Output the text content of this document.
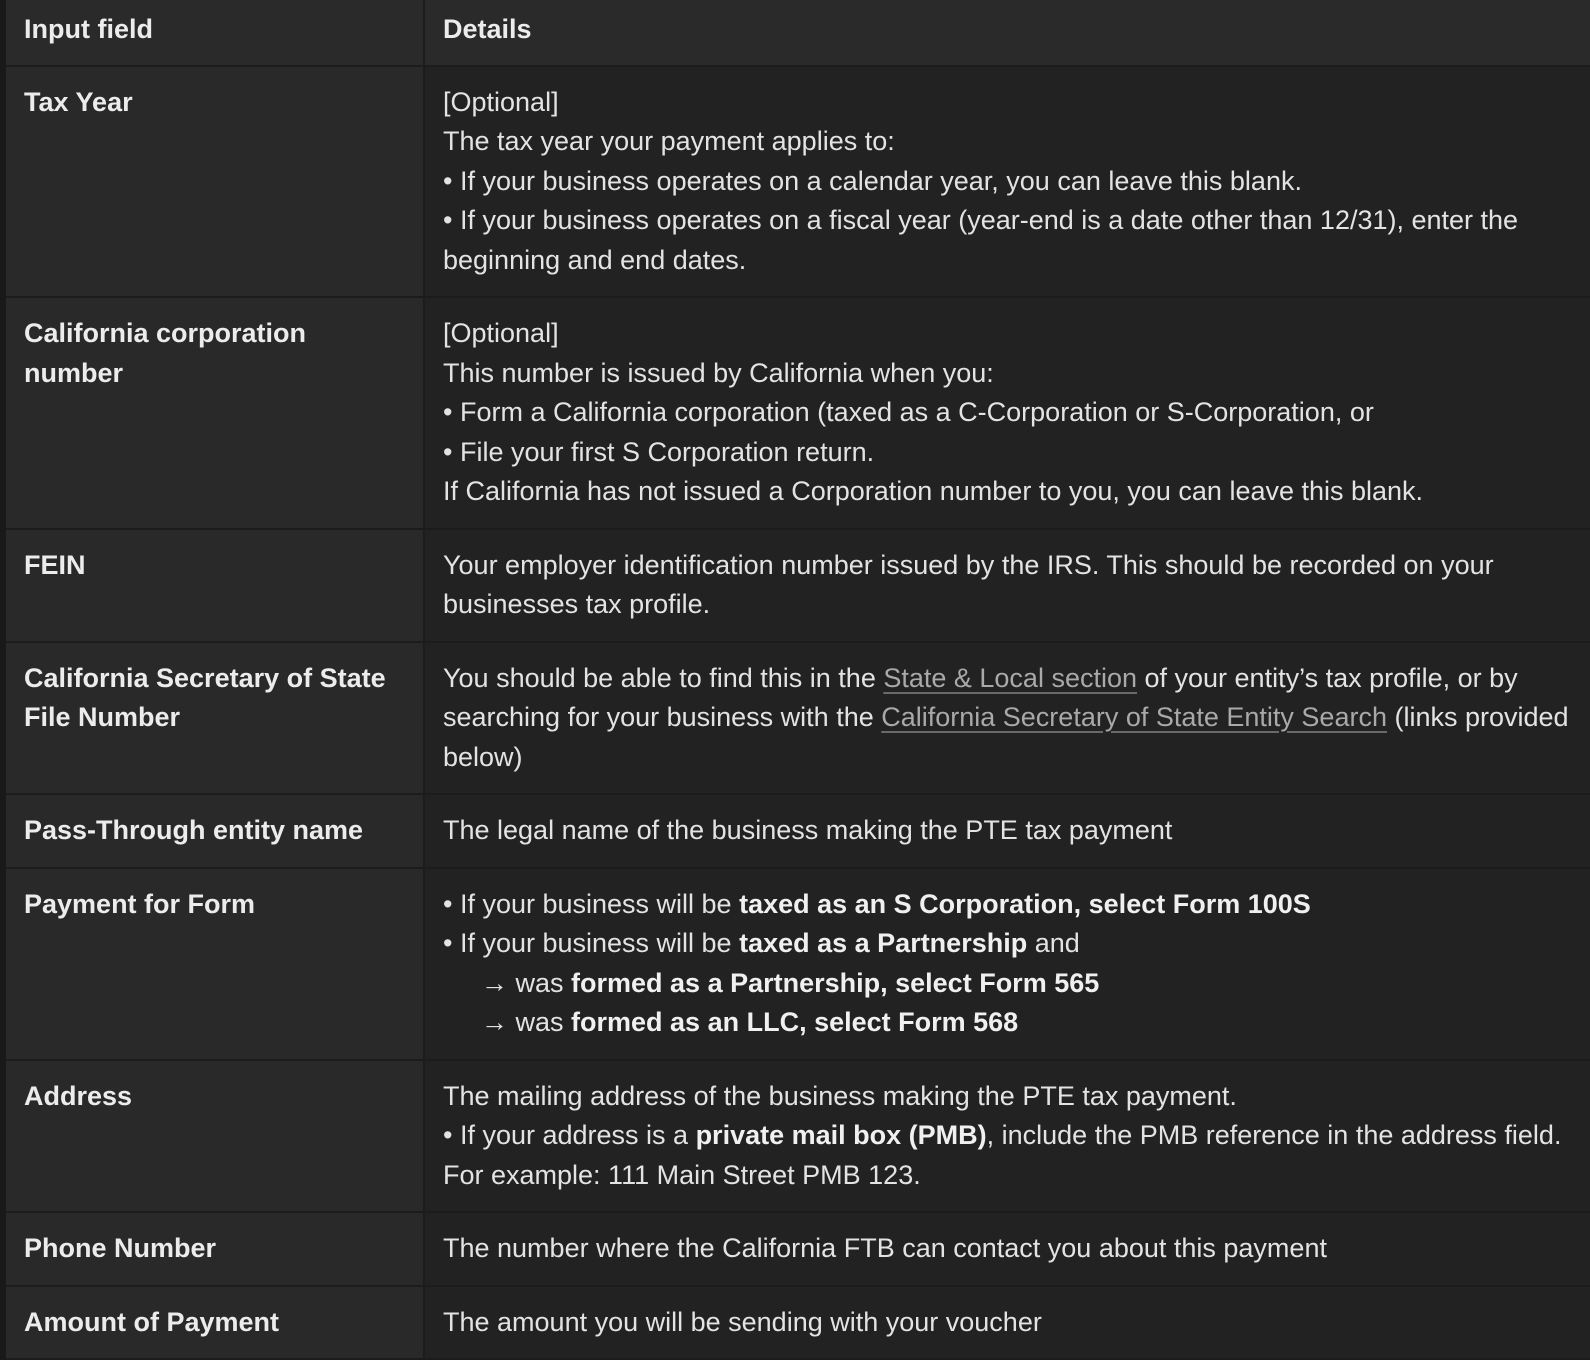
Input field	Details
Tax Year	[Optional]
The tax year your payment applies to:
• If your business operates on a calendar year, you can leave this blank.
• If your business operates on a fiscal year (year-end is a date other than 12/31), enter the beginning and end dates.

California corporation number	[Optional]
This number is issued by California when you:
• Form a California corporation (taxed as a C-Corporation or S-Corporation, or
• File your first S Corporation return.
If California has not issued a Corporation number to you, you can leave this blank.

FEIN	Your employer identification number issued by the IRS. This should be recorded on your businesses tax profile.
California Secretary of State File Number	You should be able to find this in the State & Local section of your entity’s tax profile, or by searching for your business with the California Secretary of State Entity Search (links provided below)
Pass-Through entity name	The legal name of the business making the PTE tax payment
Payment for Form	• If your business will be taxed as an S Corporation, select Form 100S
• If your business will be taxed as a Partnership and
→ was formed as a Partnership, select Form 565
→ was formed as an LLC, select Form 568

Address	The mailing address of the business making the PTE tax payment.
• If your address is a private mail box (PMB), include the PMB reference in the address field. For example: 111 Main Street PMB 123.

Phone Number	The number where the California FTB can contact you about this payment
Amount of Payment	The amount you will be sending with your voucher
